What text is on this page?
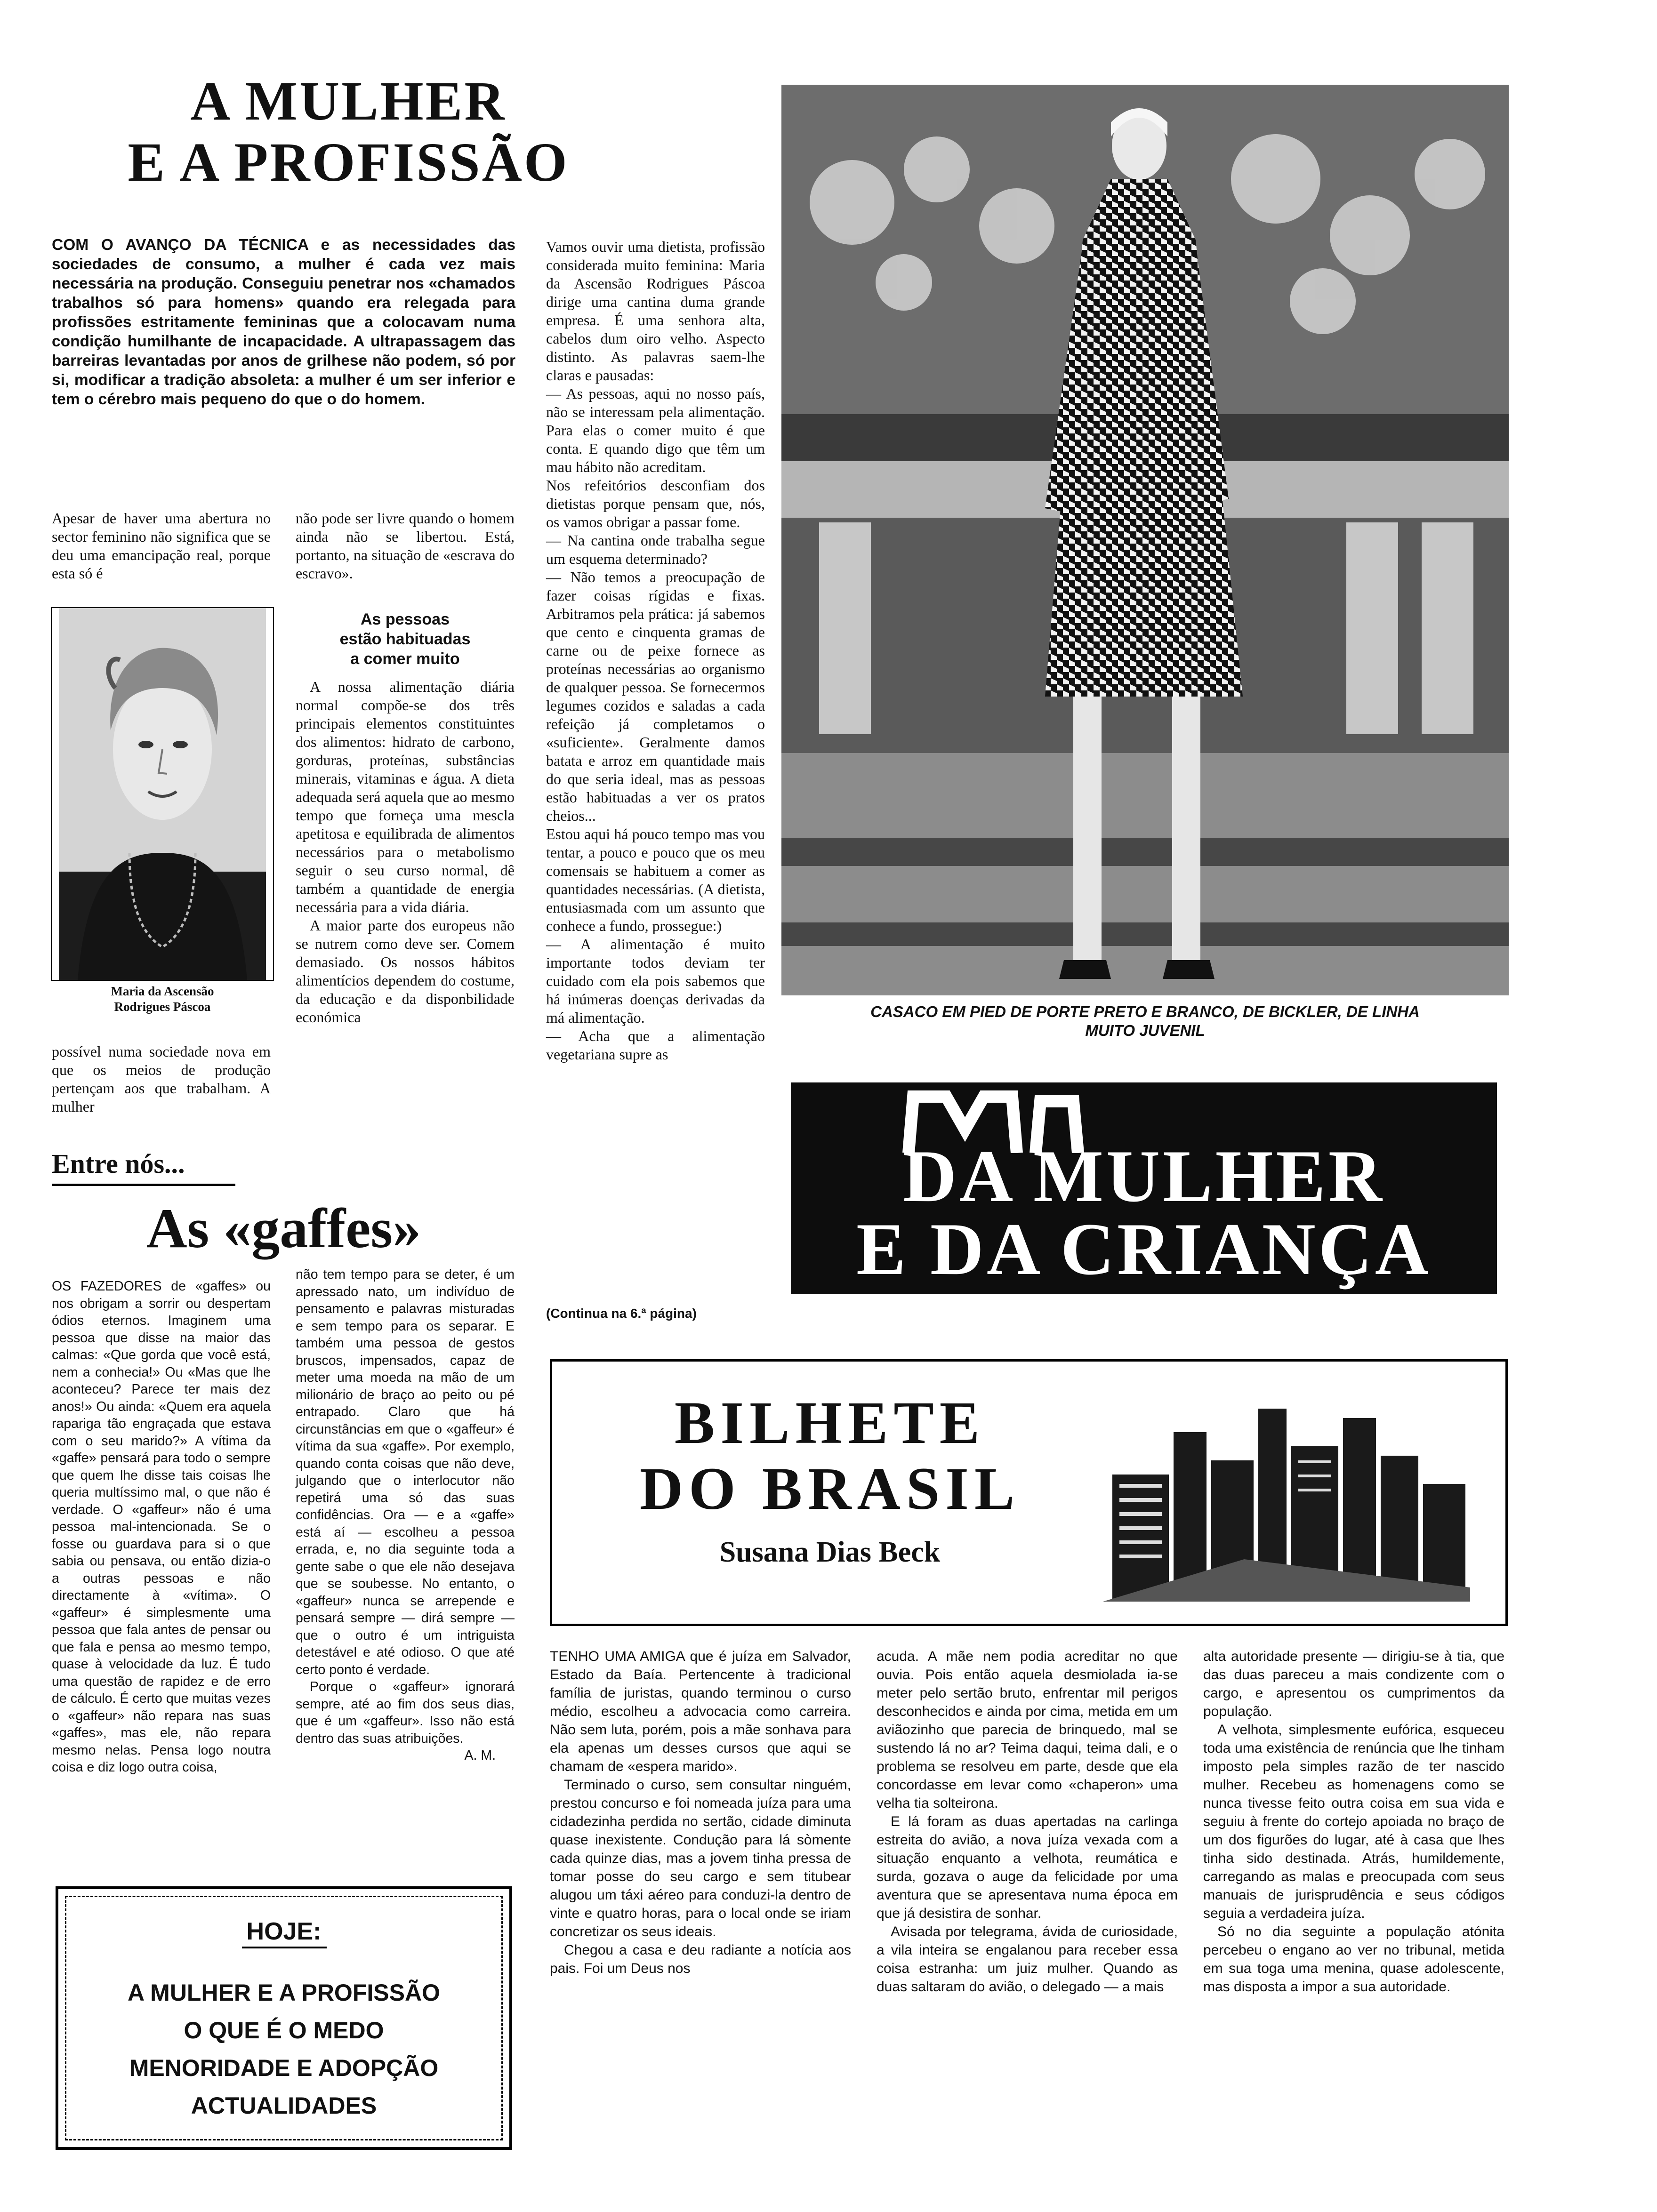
A MULHER
E A PROFISSÃO

COM O AVANÇO DA TÉCNICA e as necessidades das sociedades de consumo, a mulher é cada vez mais necessária na produção. Conseguiu penetrar nos «chamados trabalhos só para homens» quando era relegada para profissões estritamente femininas que a colocavam numa condição humilhante de incapacidade. A ultrapassagem das barreiras levantadas por anos de grilhese não podem, só por si, modificar a tradição absoleta: a mulher é um ser inferior e tem o cérebro mais pequeno do que o do homem.

Apesar de haver uma abertura no sector feminino não significa que se deu uma emancipação real, porque esta só é

Maria da Ascensão
Rodrigues Páscoa

possível numa sociedade nova em que os meios de produção pertençam aos que trabalham. A mulher

não pode ser livre quando o homem ainda não se libertou. Está, portanto, na situação de «escrava do escravo».

As pessoas
estão habituadas
a comer muito

A nossa alimentação diária normal compõe-se dos três principais elementos constituintes dos alimentos: hidrato de carbono, gorduras, proteínas, substâncias minerais, vitaminas e água. A dieta adequada será aquela que ao mesmo tempo que forneça uma mescla apetitosa e equilibrada de alimentos necessários para o metabolismo seguir o seu curso normal, dê também a quantidade de energia necessária para a vida diária.
A maior parte dos europeus não se nutrem como deve ser. Comem demasiado. Os nossos hábitos alimentícios dependem do costume, da educação e da disponbilidade económica

Vamos ouvir uma dietista, profissão considerada muito feminina: Maria da Ascensão Rodrigues Páscoa dirige uma cantina duma grande empresa. É uma senhora alta, cabelos dum oiro velho. Aspecto distinto. As palavras saem-lhe claras e pausadas:

— As pessoas, aqui no nosso país, não se interessam pela alimentação. Para elas o comer muito é que conta. E quando digo que têm um mau hábito não acreditam.

Nos refeitórios desconfiam dos dietistas porque pensam que, nós, os vamos obrigar a passar fome.

— Na cantina onde trabalha segue um esquema determinado?

— Não temos a preocupação de fazer coisas rígidas e fixas. Arbitramos pela prática: já sabemos que cento e cinquenta gramas de carne ou de peixe fornece as proteínas necessárias ao organismo de qualquer pessoa. Se fornecermos legumes cozidos e saladas a cada refeição já completamos o «suficiente». Geralmente damos batata e arroz em quantidade mais do que seria ideal, mas as pessoas estão habituadas a ver os pratos cheios...

Estou aqui há pouco tempo mas vou tentar, a pouco e pouco que os meu comensais se habituem a comer as quantidades necessárias. (A dietista, entusiasmada com um assunto que conhece a fundo, prossegue:)

— A alimentação é muito importante todos deviam ter cuidado com ela pois sabemos que há inúmeras doenças derivadas da má alimentação.

— Acha que a alimentação vegetariana supre as

(Continua na 6.ª página)
CASACO EM PIED DE PORTE PRETO E BRANCO, DE BICKLER, DE LINHA
MUITO JUVENIL
DA MULHER
E DA CRIANÇA
Entre nós...
As «gaffes»

OS FAZEDORES de «gaffes» ou nos obrigam a sorrir ou despertam ódios eternos. Imaginem uma pessoa que disse na maior das calmas: «Que gorda que você está, nem a conhecia!» Ou «Mas que lhe aconteceu? Parece ter mais dez anos!» Ou ainda: «Quem era aquela rapariga tão engraçada que estava com o seu marido?» A vítima da «gaffe» pensará para todo o sempre que quem lhe disse tais coisas lhe queria multíssimo mal, o que não é verdade. O «gaffeur» não é uma pessoa mal-intencionada. Se o fosse ou guardava para si o que sabia ou pensava, ou então dizia-o a outras pessoas e não directamente à «vítima». O «gaffeur» é simplesmente uma pessoa que fala antes de pensar ou que fala e pensa ao mesmo tempo, quase à velocidade da luz. É tudo uma questão de rapidez e de erro de cálculo. É certo que muitas vezes o «gaffeur» não repara nas suas «gaffes», mas ele, não repara mesmo nelas. Pensa logo noutra coisa e diz logo outra coisa,

não tem tempo para se deter, é um apressado nato, um indivíduo de pensamento e palavras misturadas e sem tempo para os separar. E também uma pessoa de gestos bruscos, impensados, capaz de meter uma moeda na mão de um milionário de braço ao peito ou pé entrapado. Claro que há circunstâncias em que o «gaffeur» é vítima da sua «gaffe». Por exemplo, quando conta coisas que não deve, julgando que o interlocutor não repetirá uma só das suas confidências. Ora — e a «gaffe» está aí — escolheu a pessoa errada, e, no dia seguinte toda a gente sabe o que ele não desejava que se soubesse. No entanto, o «gaffeur» nunca se arrepende e pensará sempre — dirá sempre — que o outro é um intriguista detestável e até odioso. O que até certo ponto é verdade.

Porque o «gaffeur» ignorará sempre, até ao fim dos seus dias, que é um «gaffeur». Isso não está dentro das suas atribuições.

A. M.

HOJE:
A MULHER E A PROFISSÃO
O QUE É O MEDO
MENORIDADE E ADOPÇÃO
ACTUALIDADES
BILHETE
DO BRASIL
Susana Dias Beck

TENHO UMA AMIGA que é juíza em Salvador, Estado da Baía. Pertencente à tradicional família de juristas, quando terminou o curso médio, escolheu a advocacia como carreira. Não sem luta, porém, pois a mãe sonhava para ela apenas um desses cursos que aqui se chamam de «espera marido».

Terminado o curso, sem consultar ninguém, prestou concurso e foi nomeada juíza para uma cidadezinha perdida no sertão, cidade diminuta quase inexistente. Condução para lá sòmente cada quinze dias, mas a jovem tinha pressa de tomar posse do seu cargo e sem titubear alugou um táxi aéreo para conduzi-la dentro de vinte e quatro horas, para o local onde se iriam concretizar os seus ideais.

Chegou a casa e deu radiante a notícia aos pais. Foi um Deus nos

acuda. A mãe nem podia acreditar no que ouvia. Pois então aquela desmiolada ia-se meter pelo sertão bruto, enfrentar mil perigos desconhecidos e ainda por cima, metida em um aviãozinho que parecia de brinquedo, mal se sustendo lá no ar? Teima daqui, teima dali, e o problema se resolveu em parte, desde que ela concordasse em levar como «chaperon» uma velha tia solteirona.

E lá foram as duas apertadas na carlinga estreita do avião, a nova juíza vexada com a situação enquanto a velhota, reumática e surda, gozava o auge da felicidade por uma aventura que se apresentava numa época em que já desistira de sonhar.

Avisada por telegrama, ávida de curiosidade, a vila inteira se engalanou para receber essa coisa estranha: um juiz mulher. Quando as duas saltaram do avião, o delegado — a mais

alta autoridade presente — dirigiu-se à tia, que das duas pareceu a mais condizente com o cargo, e apresentou os cumprimentos da população.

A velhota, simplesmente eufórica, esqueceu toda uma existência de renúncia que lhe tinham imposto pela simples razão de ter nascido mulher. Recebeu as homenagens como se nunca tivesse feito outra coisa em sua vida e seguiu à frente do cortejo apoiada no braço de um dos figurões do lugar, até à casa que lhes tinha sido destinada. Atrás, humildemente, carregando as malas e preocupada com seus manuais de jurisprudência e seus códigos seguia a verdadeira juíza.

Só no dia seguinte a população atónita percebeu o engano ao ver no tribunal, metida em sua toga uma menina, quase adolescente, mas disposta a impor a sua autoridade.
